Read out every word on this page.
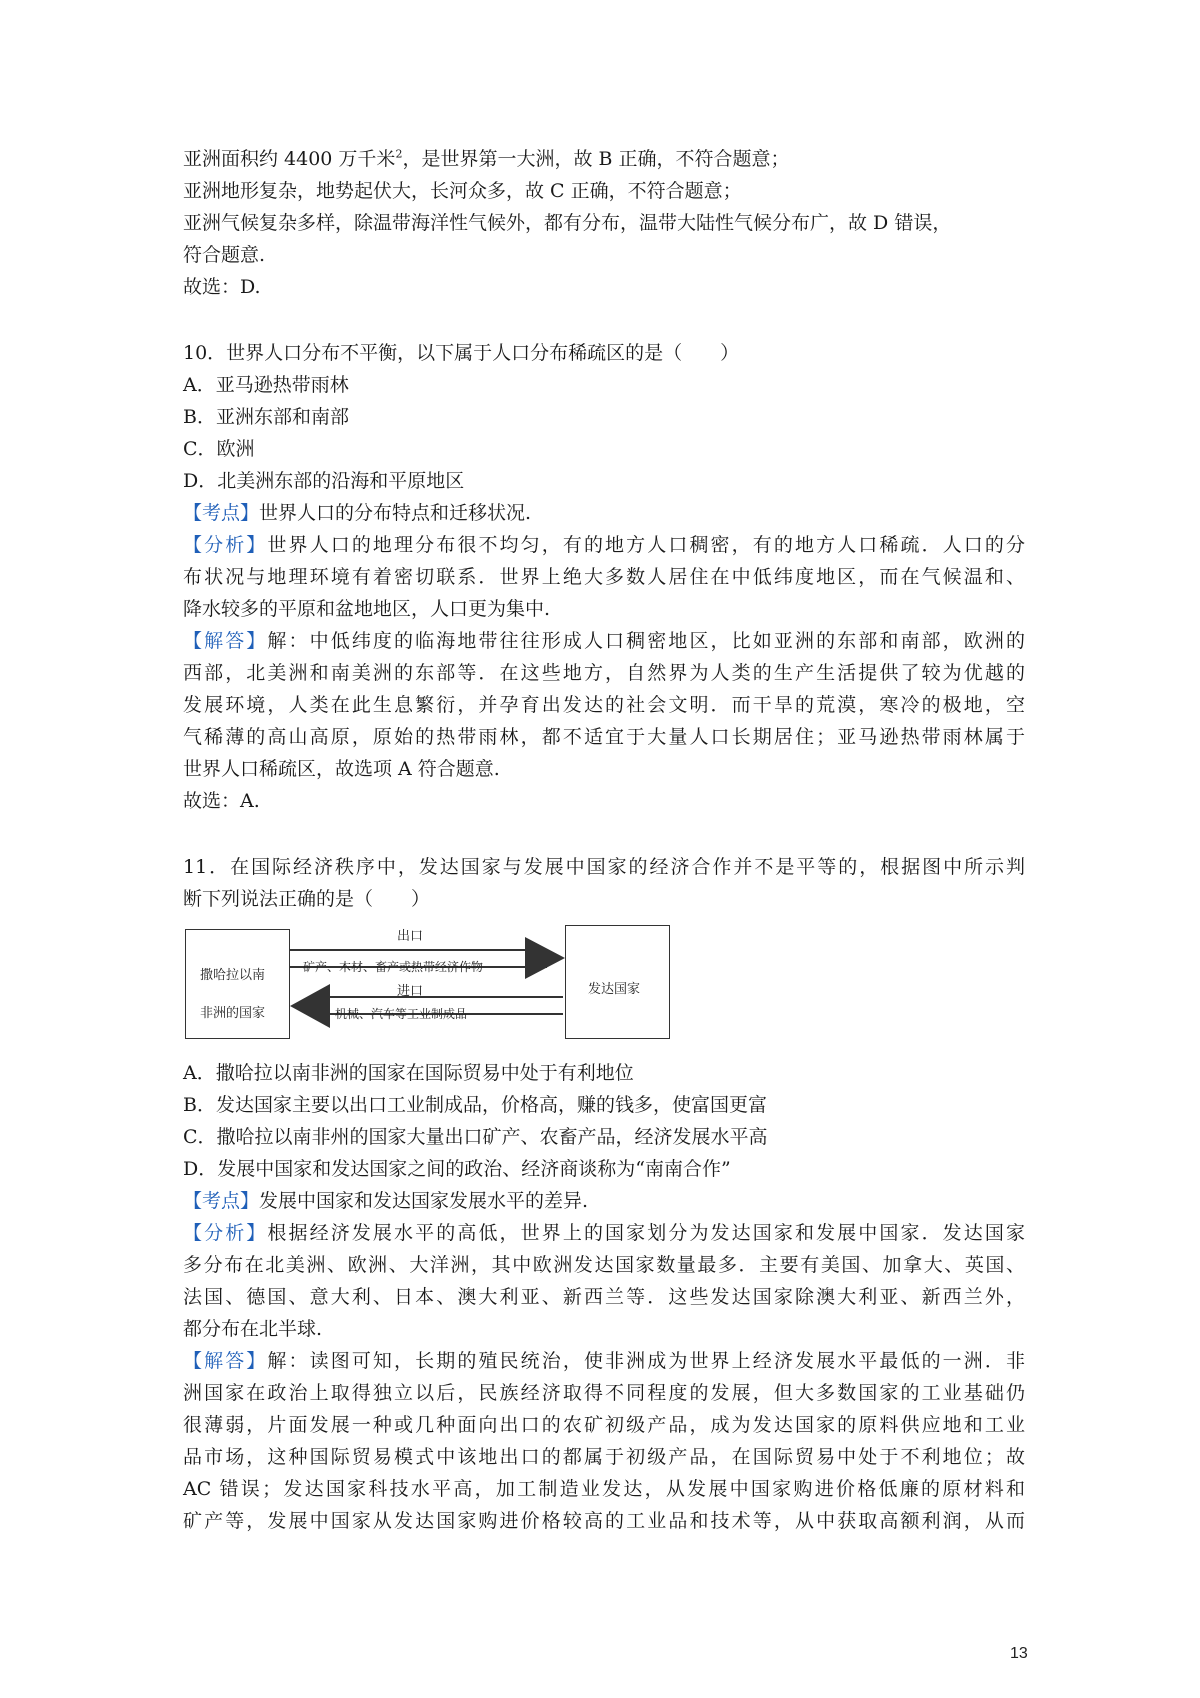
亚洲面积约 4400 万千米$^2$，是世界第一大洲，故 B 正确，不符合题意；
亚洲地形复杂，地势起伏大，长河众多，故 C 正确，不符合题意；
亚洲气候复杂多样，除温带海洋性气候外，都有分布，温带大陆性气候分布广，故 D 错误，
符合题意.
故选：D.
10．世界人口分布不平衡，以下属于人口分布稀疏区的是（　　）
A．亚马逊热带雨林
B．亚洲东部和南部
C．欧洲
D．北美洲东部的沿海和平原地区
【考点】世界人口的分布特点和迁移状况.
【分析】世界人口的地理分布很不均匀，有的地方人口稠密，有的地方人口稀疏．人口的分
布状况与地理环境有着密切联系．世界上绝大多数人居住在中低纬度地区，而在气候温和、
降水较多的平原和盆地地区，人口更为集中.
【解答】解：中低纬度的临海地带往往形成人口稠密地区，比如亚洲的东部和南部，欧洲的
西部，北美洲和南美洲的东部等．在这些地方，自然界为人类的生产生活提供了较为优越的
发展环境，人类在此生息繁衍，并孕育出发达的社会文明．而干旱的荒漠，寒冷的极地，空
气稀薄的高山高原，原始的热带雨林，都不适宜于大量人口长期居住；亚马逊热带雨林属于
世界人口稀疏区，故选项 A 符合题意.
故选：A.
11．在国际经济秩序中，发达国家与发展中国家的经济合作并不是平等的，根据图中所示判
断下列说法正确的是（　　）
撒哈拉以南
非洲的国家
发达国家
出口
矿产、木材、畜产或热带经济作物
进口
机械、汽车等工业制成品
A．撒哈拉以南非洲的国家在国际贸易中处于有利地位
B．发达国家主要以出口工业制成品，价格高，赚的钱多，使富国更富
C．撒哈拉以南非州的国家大量出口矿产、农畜产品，经济发展水平高
D．发展中国家和发达国家之间的政治、经济商谈称为“南南合作”
【考点】发展中国家和发达国家发展水平的差异.
【分析】根据经济发展水平的高低，世界上的国家划分为发达国家和发展中国家．发达国家
多分布在北美洲、欧洲、大洋洲，其中欧洲发达国家数量最多．主要有美国、加拿大、英国、
法国、德国、意大利、日本、澳大利亚、新西兰等．这些发达国家除澳大利亚、新西兰外，
都分布在北半球.
【解答】解：读图可知，长期的殖民统治，使非洲成为世界上经济发展水平最低的一洲．非
洲国家在政治上取得独立以后，民族经济取得不同程度的发展，但大多数国家的工业基础仍
很薄弱，片面发展一种或几种面向出口的农矿初级产品，成为发达国家的原料供应地和工业
品市场，这种国际贸易模式中该地出口的都属于初级产品，在国际贸易中处于不利地位；故
AC 错误；发达国家科技水平高，加工制造业发达，从发展中国家购进价格低廉的原材料和
矿产等，发展中国家从发达国家购进价格较高的工业品和技术等，从中获取高额利润，从而
13
